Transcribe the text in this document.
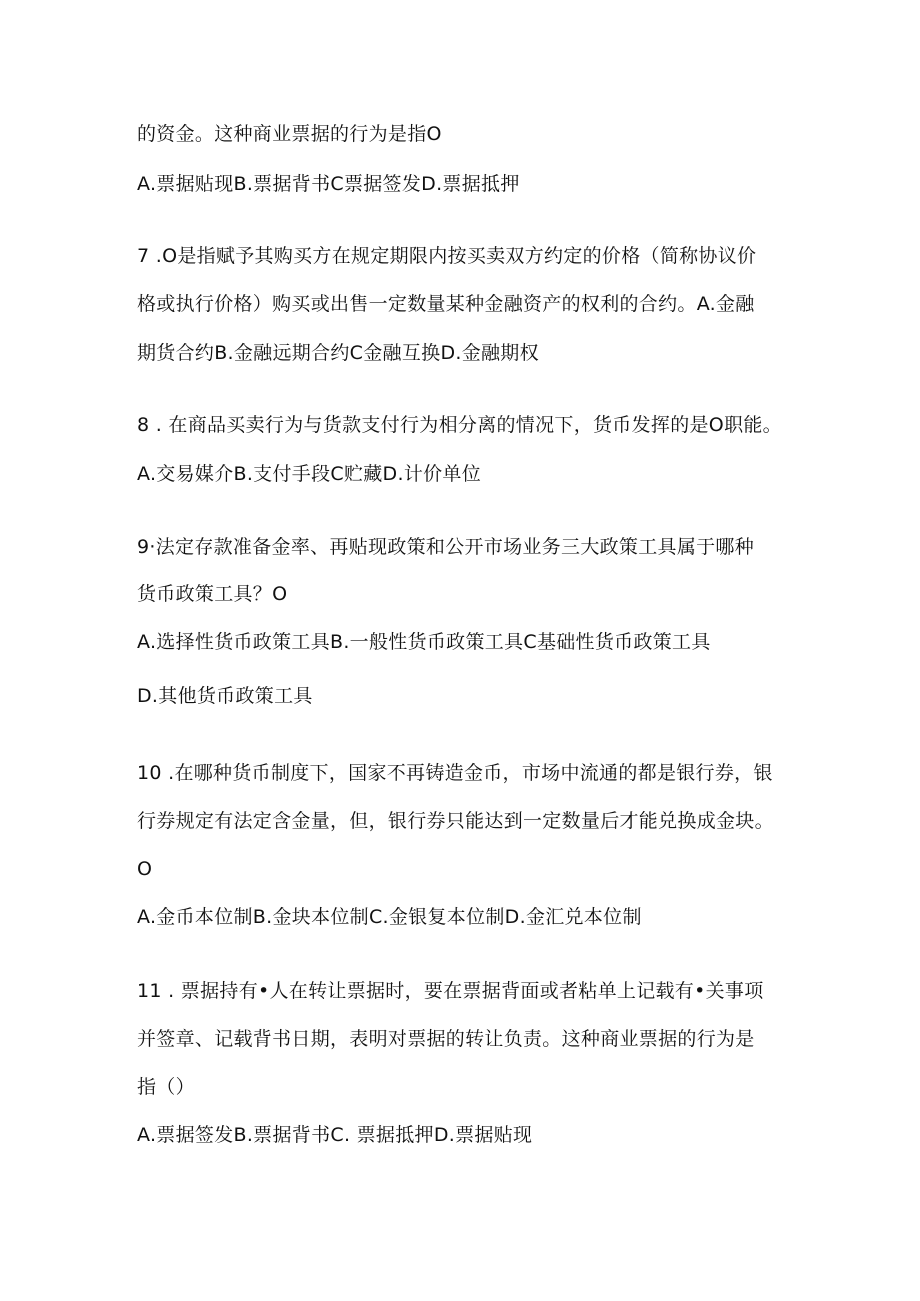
的资金。这种商业票据的行为是指O
A.票据贴现B.票据背书C票据签发D.票据抵押
7 .O是指赋予其购买方在规定期限内按买卖双方约定的价格（简称协议价
格或执行价格）购买或出售一定数量某种金融资产的权利的合约。A.金融
期货合约B.金融远期合约C金融互换D.金融期权
8 . 在商品买卖行为与货款支付行为相分离的情况下，货币发挥的是O职能。
A.交易媒介B.支付手段C贮藏D.计价单位
9·法定存款准备金率、再贴现政策和公开市场业务三大政策工具属于哪种
货币政策工具？O
A.选择性货币政策工具B.一般性货币政策工具C基础性货币政策工具
D.其他货币政策工具
10 .在哪种货币制度下，国家不再铸造金币，市场中流通的都是银行券，银
行券规定有法定含金量，但，银行券只能达到一定数量后才能兑换成金块。
O
A.金币本位制B.金块本位制C.金银复本位制D.金汇兑本位制
11 . 票据持有•人在转让票据时，要在票据背面或者粘单上记载有•关事项
并签章、记载背书日期，表明对票据的转让负责。这种商业票据的行为是
指（）
A.票据签发B.票据背书C. 票据抵押D.票据贴现
